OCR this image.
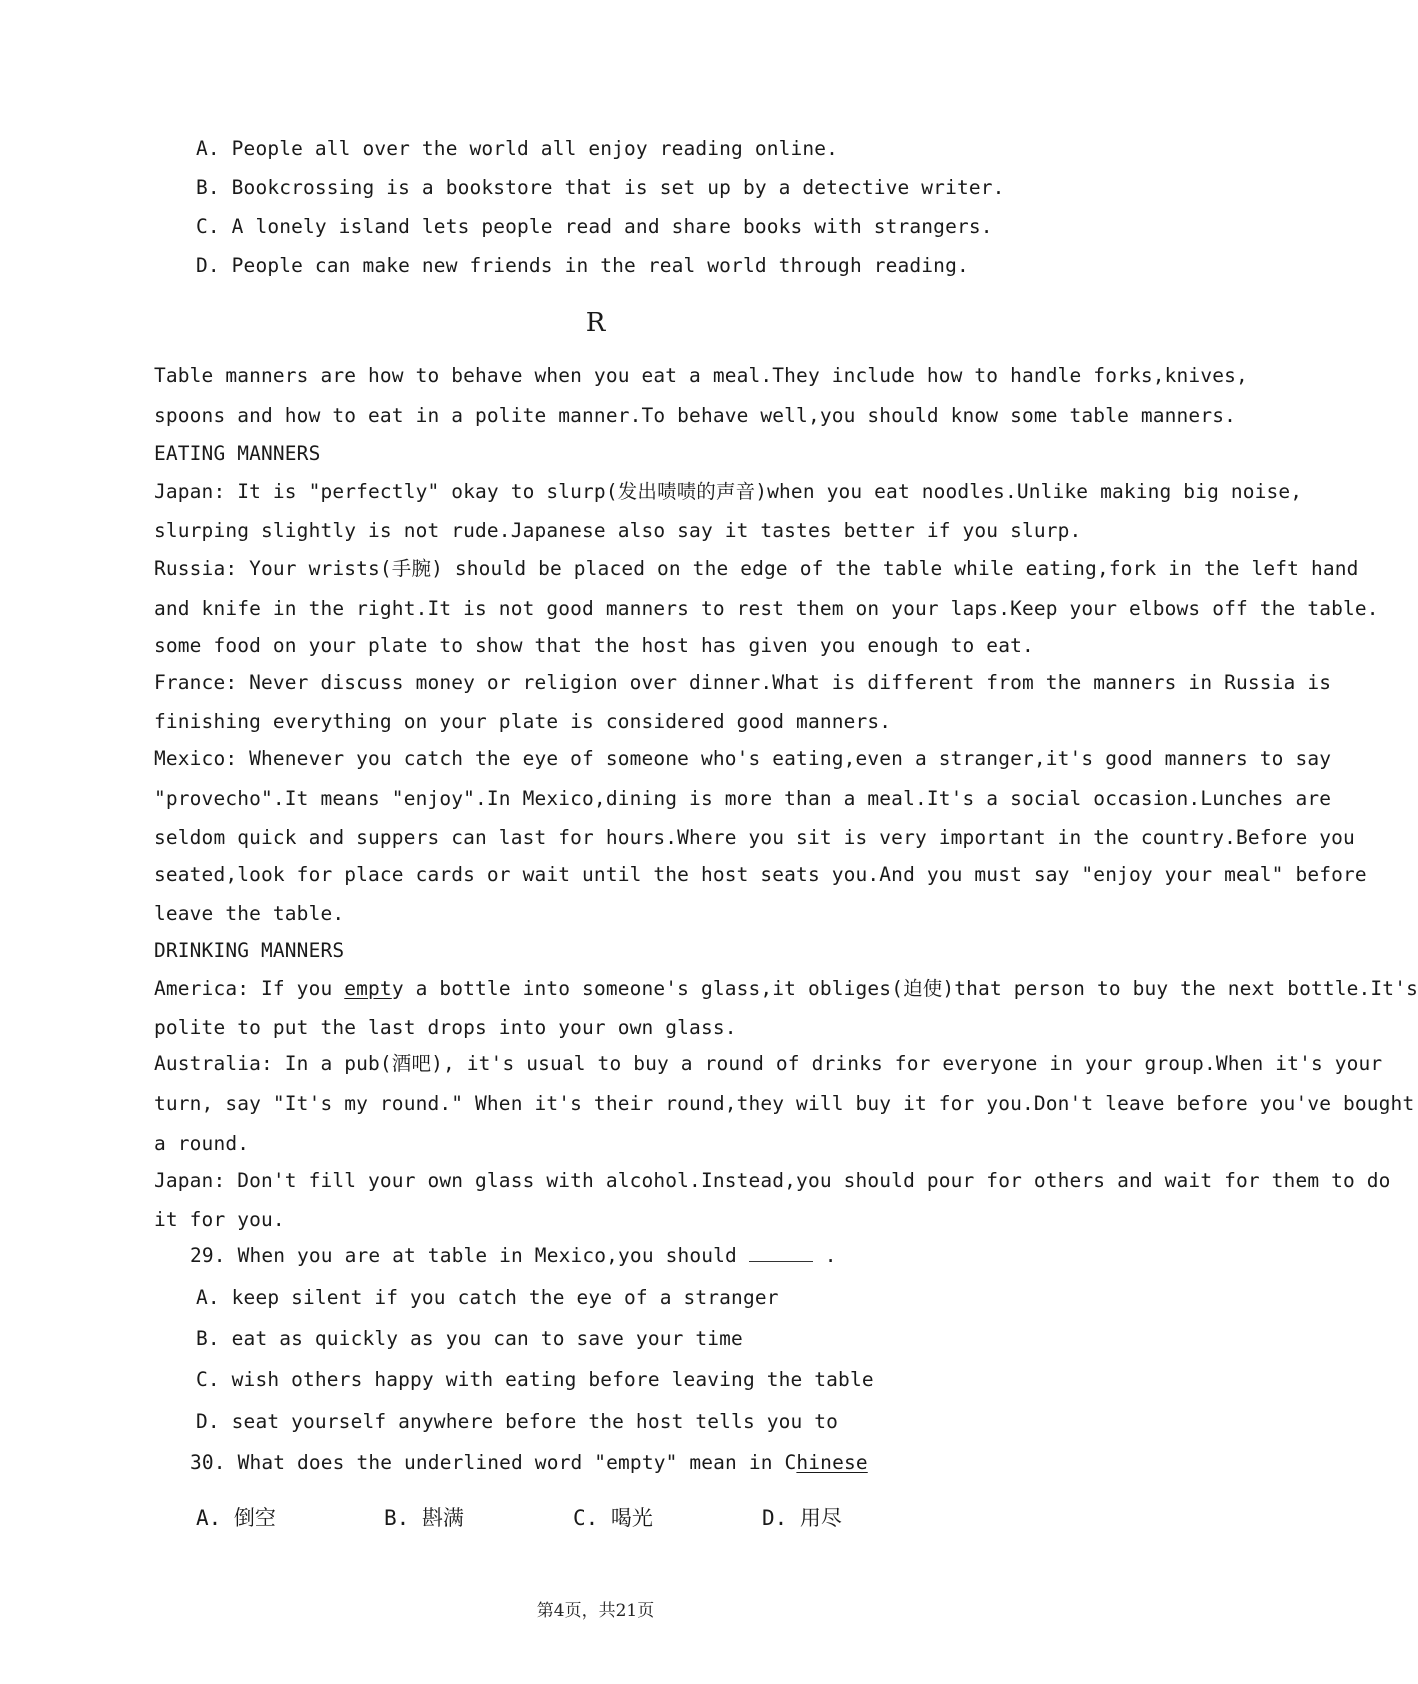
A. People all over the world all enjoy reading online.
B. Bookcrossing is a bookstore that is set up by a detective writer.
C. A lonely island lets people read and share books with strangers.
D. People can make new friends in the real world through reading.
R
Table manners are how to behave when you eat a meal.They include how to handle forks,knives,
spoons and how to eat in a polite manner.To behave well,you should know some table manners.
EATING MANNERS
Japan: It is "perfectly" okay to slurp(发出啧啧的声音)when you eat noodles.Unlike making big noise,
slurping slightly is not rude.Japanese also say it tastes better if you slurp.
Russia: Your wrists(手腕) should be placed on the edge of the table while eating,fork in the left hand
and knife in the right.It is not good manners to rest them on your laps.Keep your elbows off the table.
some food on your plate to show that the host has given you enough to eat.
France: Never discuss money or religion over dinner.What is different from the manners in Russia is
finishing everything on your plate is considered good manners.
Mexico: Whenever you catch the eye of someone who's eating,even a stranger,it's good manners to say
"provecho".It means "enjoy".In Mexico,dining is more than a meal.It's a social occasion.Lunches are
seldom quick and suppers can last for hours.Where you sit is very important in the country.Before you
seated,look for place cards or wait until the host seats you.And you must say "enjoy your meal" before
leave the table.
DRINKING MANNERS
America: If you empty a bottle into someone's glass,it obliges(迫使)that person to buy the next bottle.It's
polite to put the last drops into your own glass.
Australia: In a pub(酒吧), it's usual to buy a round of drinks for everyone in your group.When it's your
turn, say "It's my round." When it's their round,they will buy it for you.Don't leave before you've bought
a round.
Japan: Don't fill your own glass with alcohol.Instead,you should pour for others and wait for them to do
it for you.
29. When you are at table in Mexico,you should	.
A. keep silent if you catch the eye of a stranger
B. eat as quickly as you can to save your time
C. wish others happy with eating before leaving the table
D. seat yourself anywhere before the host tells you to
30. What does the underlined word "empty" mean in Chinese
A. 倒空	B. 斟满	C. 喝光	D. 用尽
第4页，共21页
